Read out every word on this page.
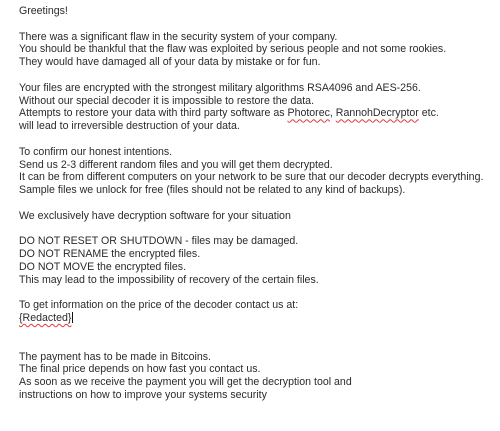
Greetings!
There was a significant flaw in the security system of your company.
You should be thankful that the flaw was exploited by serious people and not some rookies.
They would have damaged all of your data by mistake or for fun.
Your files are encrypted with the strongest military algorithms RSA4096 and AES-256.
Without our special decoder it is impossible to restore the data.
Attempts to restore your data with third party software as Photorec, RannohDecryptor etc.
will lead to irreversible destruction of your data.
To confirm our honest intentions.
Send us 2-3 different random files and you will get them decrypted.
It can be from different computers on your network to be sure that our decoder decrypts everything.
Sample files we unlock for free (files should not be related to any kind of backups).
We exclusively have decryption software for your situation
DO NOT RESET OR SHUTDOWN - files may be damaged.
DO NOT RENAME the encrypted files.
DO NOT MOVE the encrypted files.
This may lead to the impossibility of recovery of the certain files.
To get information on the price of the decoder contact us at:
{Redacted}
The payment has to be made in Bitcoins.
The final price depends on how fast you contact us.
As soon as we receive the payment you will get the decryption tool and
instructions on how to improve your systems security
